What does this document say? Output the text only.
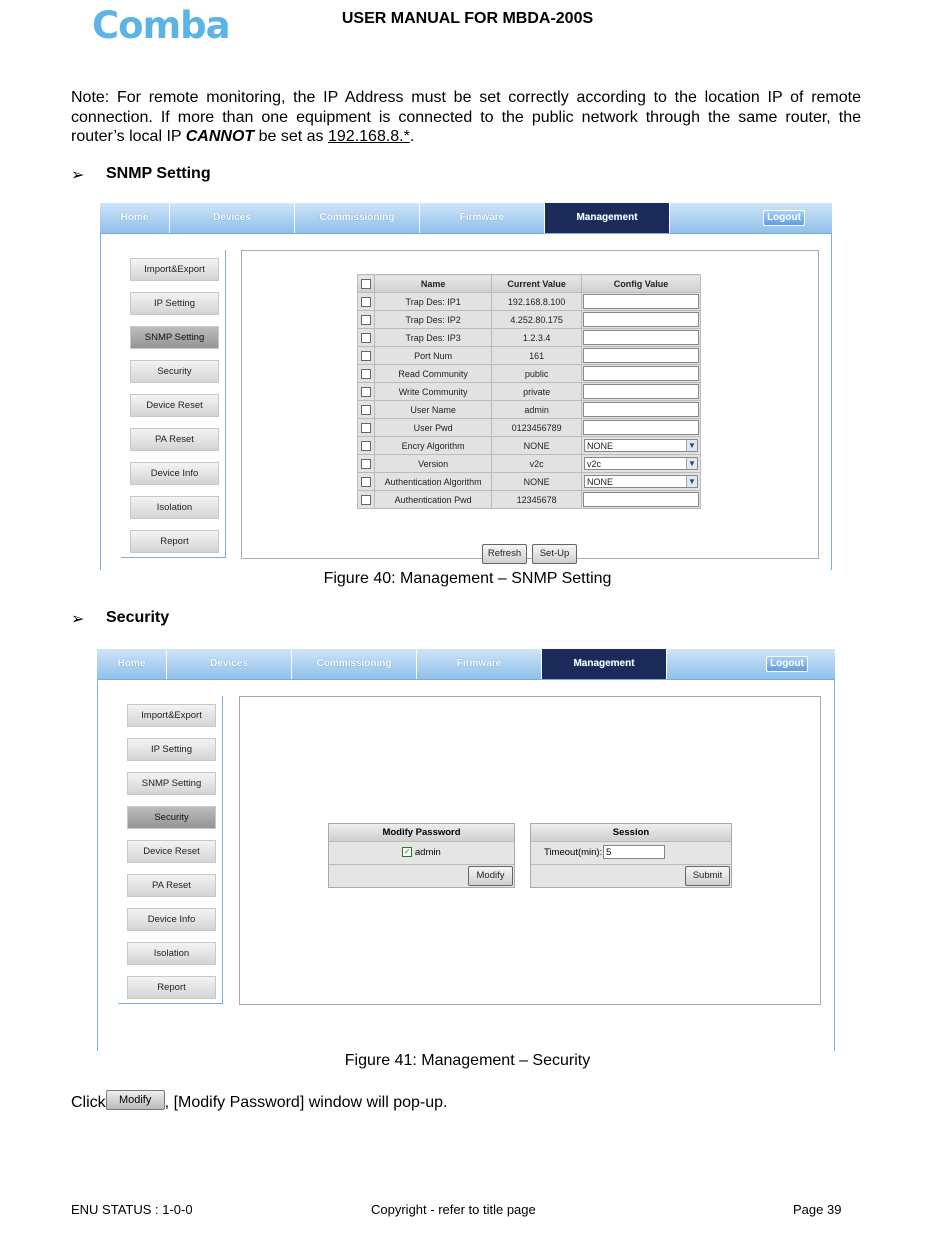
Comba	USER MANUAL FOR MBDA-200S
Note: For remote monitoring, the IP Address must be set correctly according to the location IP of remote connection. If more than one equipment is connected to the public network through the same router, the router’s local IP CANNOT be set as 192.168.8.*.
➢ SNMP Setting
Home	Devices	Commissioning	Firmware	Management	Logout
Import&Export
IP Setting
SNMP Setting
Security
Device Reset
PA Reset
Device Info
Isolation
Report
	Name	Current Value	Config Value
	Trap Des: IP1	192.168.8.100	

	Trap Des: IP2	4.252.80.175	

	Trap Des: IP3	1.2.3.4	

	Port Num	161	

	Read Community	public	

	Write Community	private	

	User Name	admin	

	User Pwd	0123456789	

	Encry Algorithm	NONE	NONE ▼

	Version	v2c	v2c ▼

	Authentication Algorithm	NONE	NONE ▼

	Authentication Pwd	12345678	
Refresh	Set-Up
Figure 40: Management – SNMP Setting
➢ Security
Home	Devices	Commissioning	Firmware	Management	Logout
Import&Export
IP Setting
SNMP Setting
Security
Device Reset
PA Reset
Device Info
Isolation
Report
Modify Password
✓ admin
Modify
Session
Timeout(min): 5
Submit
Figure 41: Management – Security
Click Modify , [Modify Password] window will pop-up.
ENU STATUS : 1-0-0	Copyright - refer to title page	Page 39
